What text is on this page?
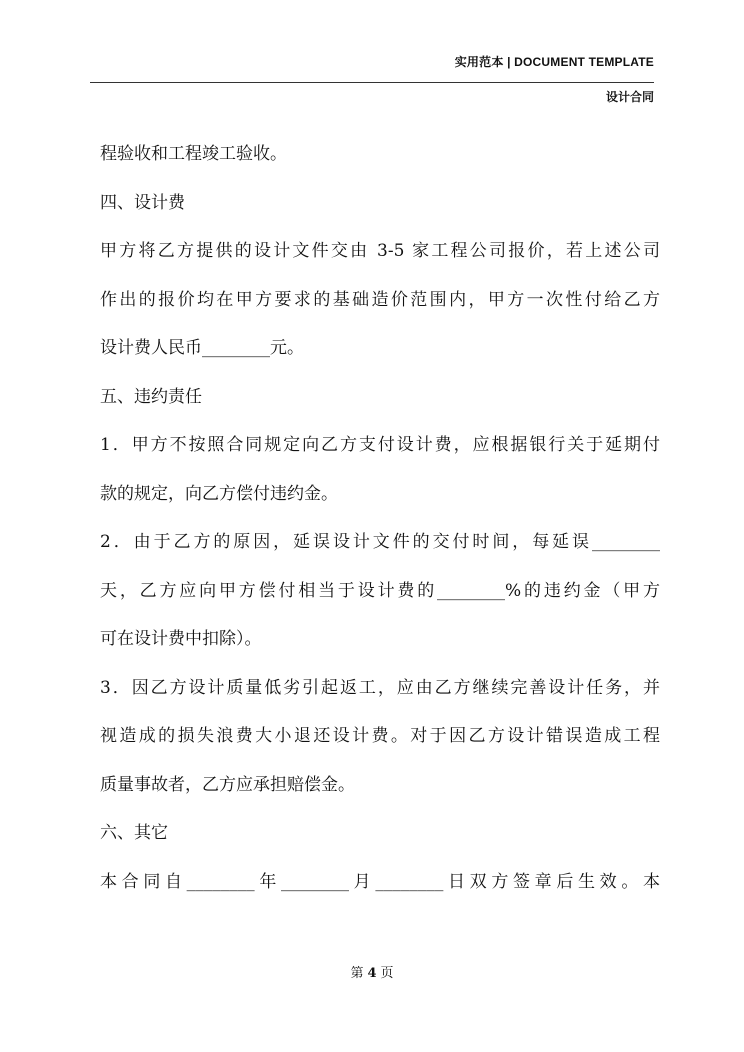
实用范本 | DOCUMENT TEMPLATE
设计合同
程验收和工程竣工验收。
四、设计费
甲方将乙方提供的设计文件交由 3-5 家工程公司报价，若上述公司
作出的报价均在甲方要求的基础造价范围内，甲方一次性付给乙方
设计费人民币________元。
五、违约责任
1．甲方不按照合同规定向乙方支付设计费，应根据银行关于延期付
款的规定，向乙方偿付违约金。
2．由于乙方的原因，延误设计文件的交付时间，每延误________
天，乙方应向甲方偿付相当于设计费的________%的违约金（甲方
可在设计费中扣除）。
3．因乙方设计质量低劣引起返工，应由乙方继续完善设计任务，并
视造成的损失浪费大小退还设计费。对于因乙方设计错误造成工程
质量事故者，乙方应承担赔偿金。
六、其它
本合同自________年________月________日双方签章后生效。本
第 4 页
